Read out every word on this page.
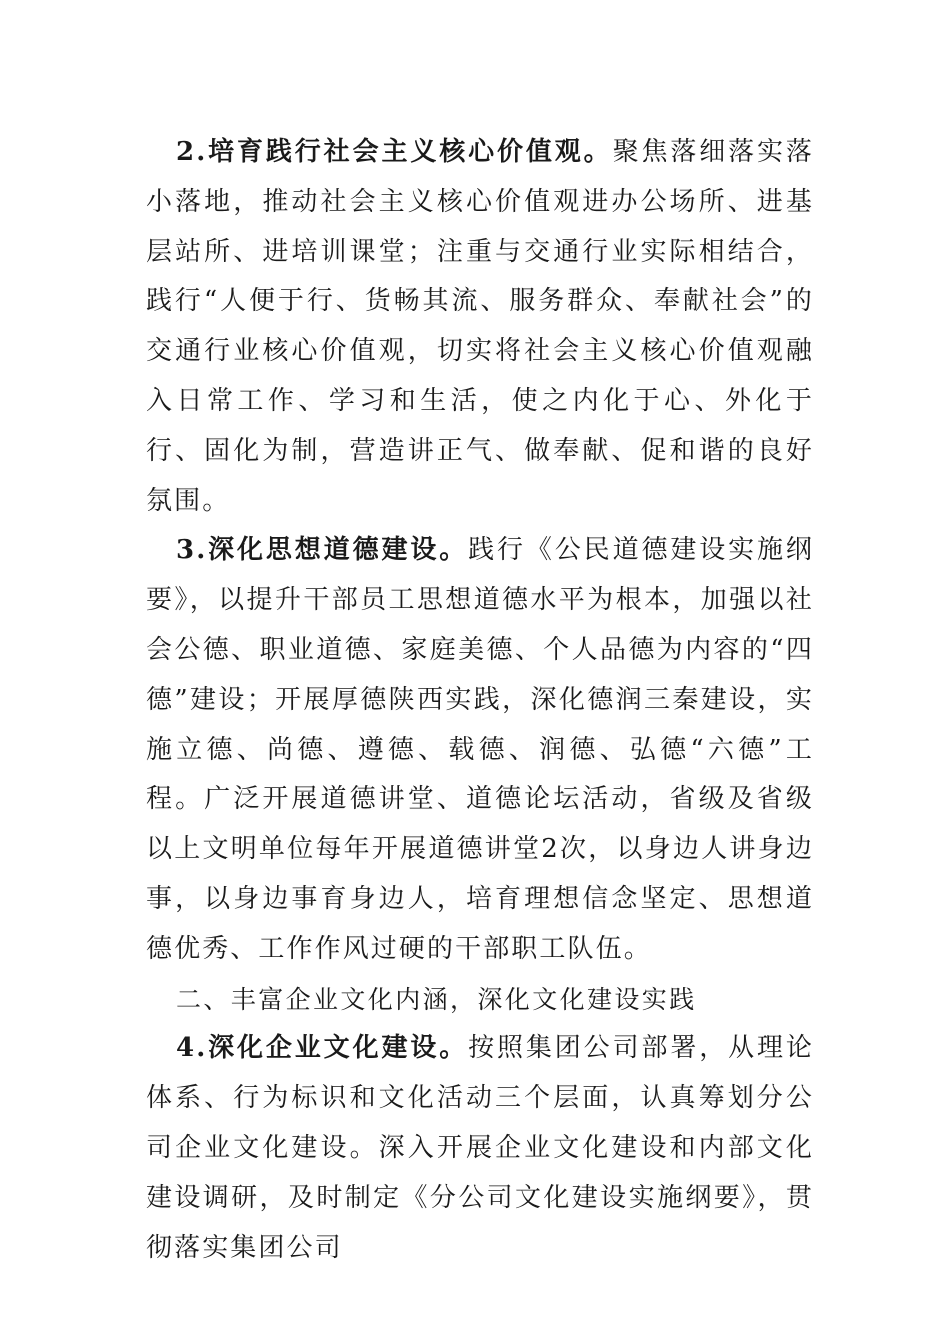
2.培育践行社会主义核心价值观。聚焦落细落实落小落地，推动社会主义核心价值观进办公场所、进基层站所、进培训课堂；注重与交通行业实际相结合，践行“人便于行、货畅其流、服务群众、奉献社会”的交通行业核心价值观，切实将社会主义核心价值观融入日常工作、学习和生活，使之内化于心、外化于行、固化为制，营造讲正气、做奉献、促和谐的良好氛围。

3.深化思想道德建设。践行《公民道德建设实施纲要》，以提升干部员工思想道德水平为根本，加强以社会公德、职业道德、家庭美德、个人品德为内容的“四德”建设；开展厚德陕西实践，深化德润三秦建设，实施立德、尚德、遵德、载德、润德、弘德“六德”工程。广泛开展道德讲堂、道德论坛活动，省级及省级以上文明单位每年开展道德讲堂2次，以身边人讲身边事，以身边事育身边人，培育理想信念坚定、思想道德优秀、工作作风过硬的干部职工队伍。

二、丰富企业文化内涵，深化文化建设实践

4.深化企业文化建设。按照集团公司部署，从理论体系、行为标识和文化活动三个层面，认真筹划分公司企业文化建设。深入开展企业文化建设和内部文化建设调研，及时制定《分公司文化建设实施纲要》，贯彻落实集团公司
